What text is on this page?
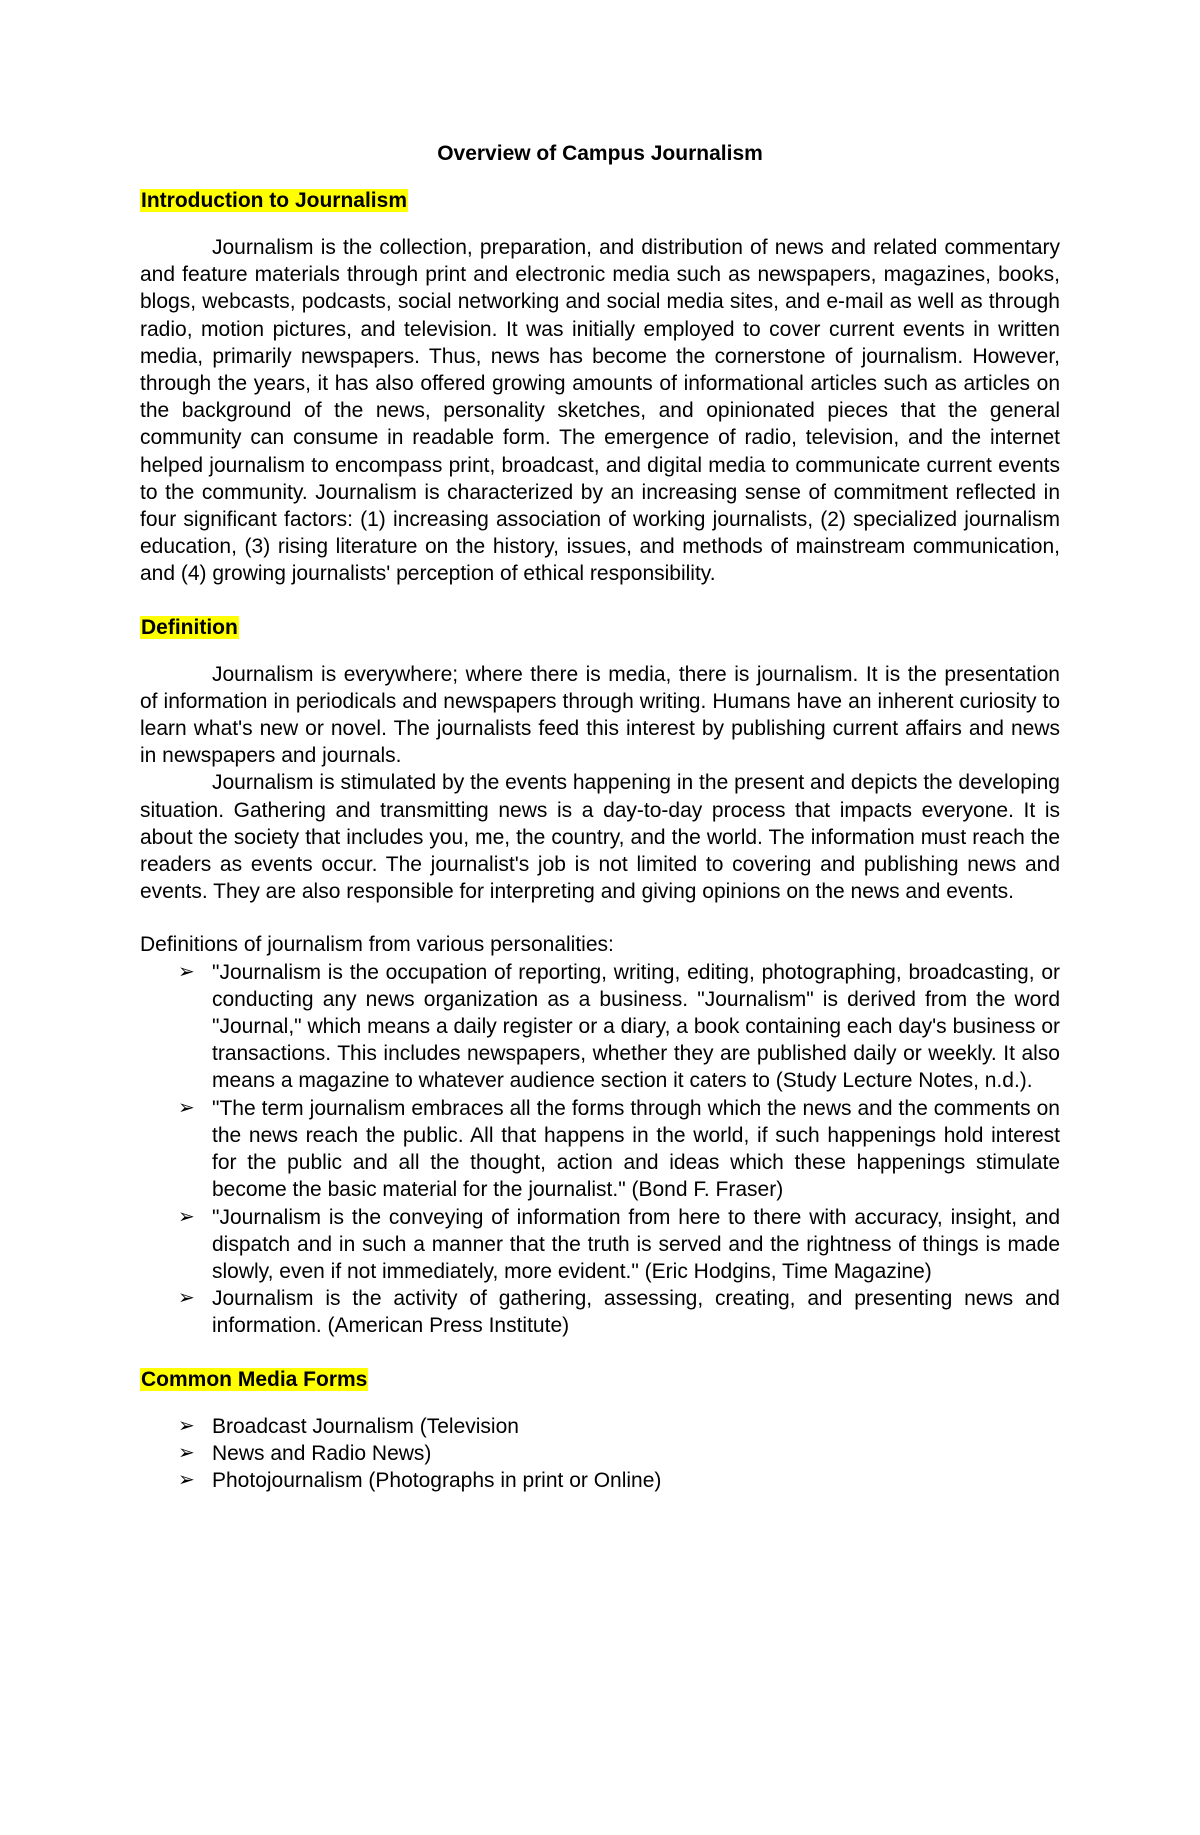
Overview of Campus Journalism

Introduction to Journalism

Journalism is the collection, preparation, and distribution of news and related commentary and feature materials through print and electronic media such as newspapers, magazines, books, blogs, webcasts, podcasts, social networking and social media sites, and e-mail as well as through radio, motion pictures, and television. It was initially employed to cover current events in written media, primarily newspapers. Thus, news has become the cornerstone of journalism. However, through the years, it has also offered growing amounts of informational articles such as articles on the background of the news, personality sketches, and opinionated pieces that the general community can consume in readable form. The emergence of radio, television, and the internet helped journalism to encompass print, broadcast, and digital media to communicate current events to the community. Journalism is characterized by an increasing sense of commitment reflected in four significant factors: (1) increasing association of working journalists, (2) specialized journalism education, (3) rising literature on the history, issues, and methods of mainstream communication, and (4) growing journalists' perception of ethical responsibility.

Definition

Journalism is everywhere; where there is media, there is journalism. It is the presentation of information in periodicals and newspapers through writing. Humans have an inherent curiosity to learn what's new or novel. The journalists feed this interest by publishing current affairs and news in newspapers and journals.

Journalism is stimulated by the events happening in the present and depicts the developing situation. Gathering and transmitting news is a day-to-day process that impacts everyone. It is about the society that includes you, me, the country, and the world. The information must reach the readers as events occur. The journalist's job is not limited to covering and publishing news and events. They are also responsible for interpreting and giving opinions on the news and events.

Definitions of journalism from various personalities:

➢ "Journalism is the occupation of reporting, writing, editing, photographing, broadcasting, or conducting any news organization as a business. "Journalism" is derived from the word "Journal," which means a daily register or a diary, a book containing each day's business or transactions. This includes newspapers, whether they are published daily or weekly. It also means a magazine to whatever audience section it caters to (Study Lecture Notes, n.d.).
➢ "The term journalism embraces all the forms through which the news and the comments on the news reach the public. All that happens in the world, if such happenings hold interest for the public and all the thought, action and ideas which these happenings stimulate become the basic material for the journalist." (Bond F. Fraser)
➢ "Journalism is the conveying of information from here to there with accuracy, insight, and dispatch and in such a manner that the truth is served and the rightness of things is made slowly, even if not immediately, more evident." (Eric Hodgins, Time Magazine)
➢ Journalism is the activity of gathering, assessing, creating, and presenting news and information. (American Press Institute)

Common Media Forms

➢ Broadcast Journalism (Television
➢ News and Radio News)
➢ Photojournalism (Photographs in print or Online)
